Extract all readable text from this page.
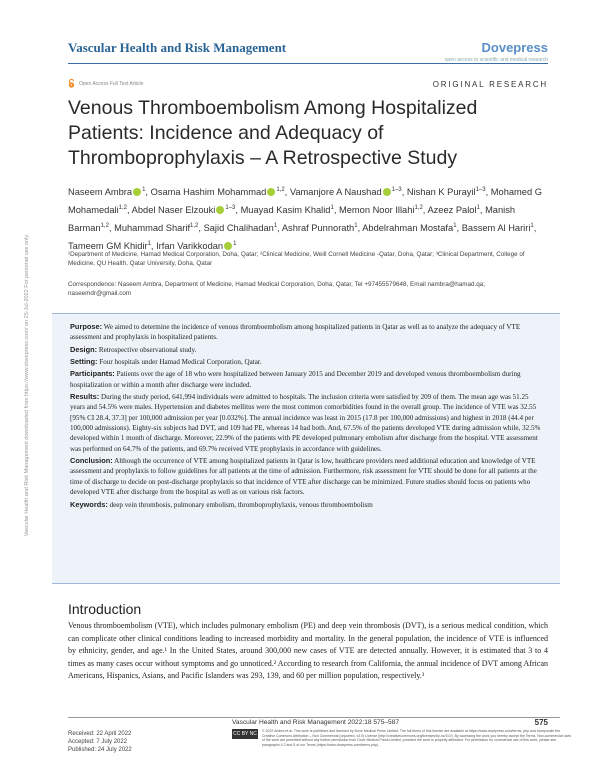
Vascular Health and Risk Management	Dovepress
open access to scientific and medical research
Open Access Full Text Article	ORIGINAL RESEARCH
Venous Thromboembolism Among Hospitalized Patients: Incidence and Adequacy of Thromboprophylaxis – A Retrospective Study
Naseem Ambra $^1$, Osama Hashim Mohammad $^{1,2}$, Vamanjore A Naushad $^{1-3}$, Nishan K Purayil$^{1-3}$, Mohamed G Mohamedali$^{1,2}$, Abdel Naser Elzouki $^{1-3}$, Muayad Kasim Khalid$^1$, Memon Noor Illahi$^{1,2}$, Azeez Palol$^1$, Manish Barman$^{1,2}$, Muhammad Sharif$^{1,2}$, Sajid Chalihadan$^1$, Ashraf Punnorath$^1$, Abdelrahman Mostafa$^1$, Bassem Al Hariri$^1$, Tameem GM Khidir$^1$, Irfan Varikkodan $^1$
¹Department of Medicine, Hamad Medical Corporation, Doha, Qatar; ²Clinical Medicine, Weill Cornell Medicine -Qatar, Doha, Qatar; ³Clinical Department, College of Medicine, QU Health, Qatar University, Doha, Qatar
Correspondence: Naseem Ambra, Department of Medicine, Hamad Medical Corporation, Doha, Qatar, Tel +97455579648, Email nambra@hamad.qa; naseemdr@gmail.com

Purpose: We aimed to determine the incidence of venous thromboembolism among hospitalized patients in Qatar as well as to analyze the adequacy of VTE assessment and prophylaxis in hospitalized patients.

Design: Retrospective observational study.

Setting: Four hospitals under Hamad Medical Corporation, Qatar.

Participants: Patients over the age of 18 who were hospitalized between January 2015 and December 2019 and developed venous thromboembolism during hospitalization or within a month after discharge were included.

Results: During the study period, 641,994 individuals were admitted to hospitals. The inclusion criteria were satisfied by 209 of them. The mean age was 51.25 years and 54.5% were males. Hypertension and diabetes mellitus were the most common comorbidities found in the overall group. The incidence of VTE was 32.55 [95% CI 28.4, 37.3] per 100,000 admission per year [0.032%]. The annual incidence was least in 2015 (17.8 per 100,000 admissions) and highest in 2018 (44.4 per 100,000 admissions). Eighty-six subjects had DVT, and 109 had PE, whereas 14 had both. And, 67.5% of the patients developed VTE during admission while, 32.5% developed within 1 month of discharge. Moreover, 22.9% of the patients with PE developed pulmonary embolism after discharge from the hospital. VTE assessment was performed on 64.7% of the patients, and 69.7% received VTE prophylaxis in accordance with guidelines.

Conclusion: Although the occurrence of VTE among hospitalized patients in Qatar is low, healthcare providers need additional education and knowledge of VTE assessment and prophylaxis to follow guidelines for all patients at the time of admission. Furthermore, risk assessment for VTE should be done for all patients at the time of discharge to decide on post-discharge prophylaxis so that incidence of VTE after discharge can be minimized. Future studies should focus on patients who developed VTE after discharge from the hospital as well as on various risk factors.

Keywords: deep vein thrombosis, pulmonary embolism, thromboprophylaxis, venous thromboembolism

Introduction

Venous thromboembolism (VTE), which includes pulmonary embolism (PE) and deep vein thrombosis (DVT), is a serious medical condition, which can complicate other clinical conditions leading to increased morbidity and mortality. In the general population, the incidence of VTE is influenced by ethnicity, gender, and age.¹ In the United States, around 300,000 new cases of VTE are detected annually. However, it is estimated that 3 to 4 times as many cases occur without symptoms and go unnoticed.² According to research from California, the annual incidence of DVT among African Americans, Hispanics, Asians, and Pacific Islanders was 293, 139, and 60 per million population, respectively.³

Received: 22 April 2022
Accepted: 7 July 2022
Published: 24 July 2022
Vascular Health and Risk Management 2022:18 575–587	575
CC BY NC	© 2022 Ambra et al. This work is published and licensed by Dove Medical Press Limited. The full terms of this license are available at https://www.dovepress.com/terms. php and incorporate the Creative Commons Attribution – Non Commercial (unported, v3.0) License (http://creativecommons.org/licenses/by-nc/3.0/). By accessing the work you hereby accept the Terms. Non-commercial uses of the work are permitted without any further permission from Dove Medical Press Limited, provided the work is properly attributed. For permission for commercial use of this work, please see paragraphs 4.2 and 5 of our Terms (https://www.dovepress.com/terms.php).
Vascular Health and Risk Management downloaded from https://www.dovepress.com/ on 25-Jul-2022 For personal use only.
